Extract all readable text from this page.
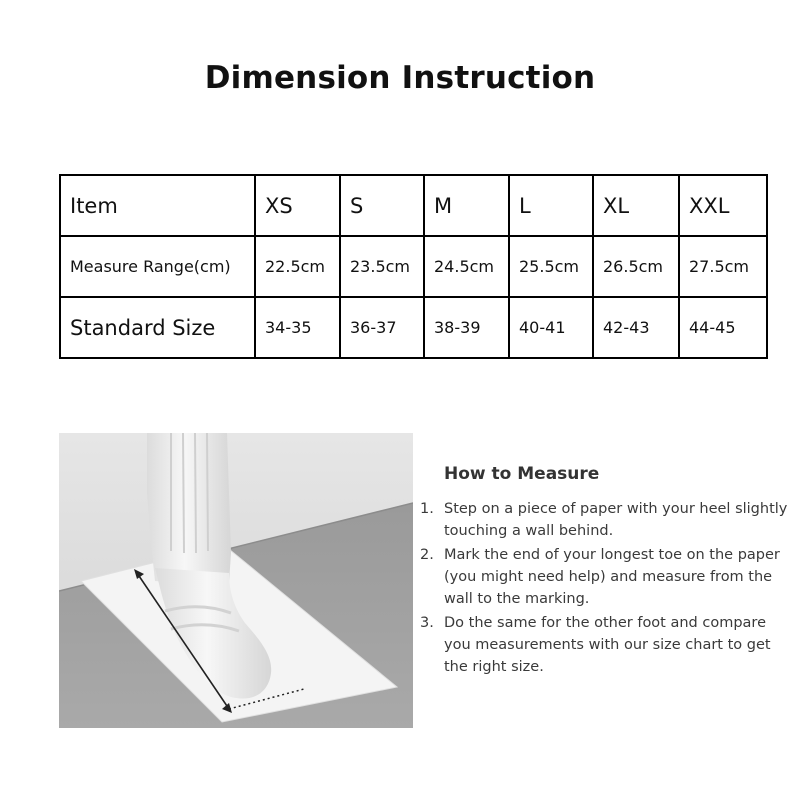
Dimension Instruction
Item	XS	S	M	L	XL	XXL
Measure Range(cm)	22.5cm	23.5cm	24.5cm	25.5cm	26.5cm	27.5cm
Standard Size	34-35	36-37	38-39	40-41	42-43	44-45
How to Measure
1. Step on a piece of paper with your heel slightly touching a wall behind.
2. Mark the end of your longest toe on the paper (you might need help) and measure from the wall to the marking.
3. Do the same for the other foot and compare you measurements with our size chart to get the right size.
